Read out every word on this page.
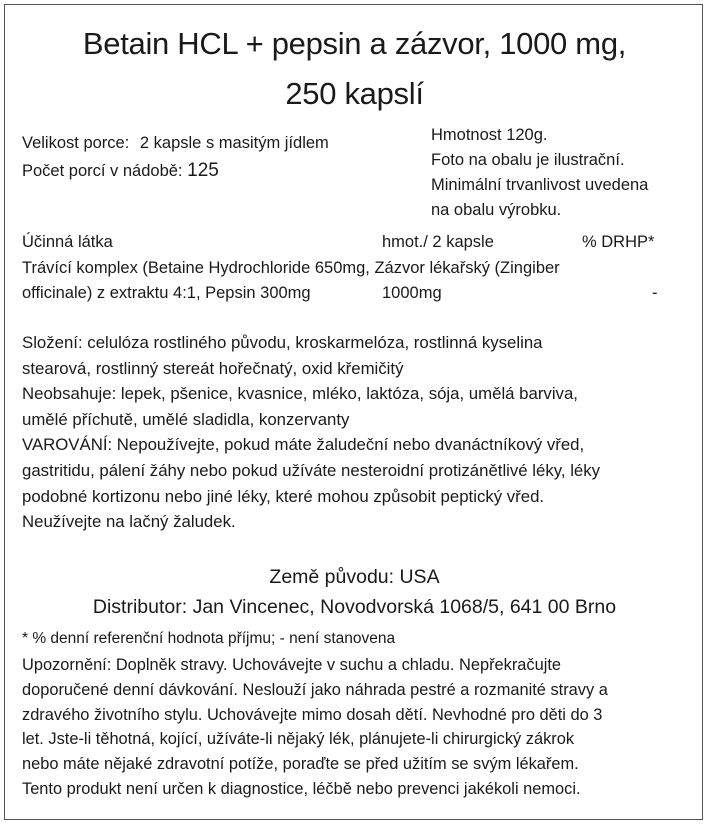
Betain HCL + pepsin a zázvor, 1000 mg,
250 kapslí
Velikost porce: 2 kapsle s masitým jídlem
Počet porcí v nádobě: 125
Hmotnost 120g.
Foto na obalu je ilustrační.
Minimální trvanlivost uvedena
na obalu výrobku.
Účinná látka	hmot./ 2 kapsle	% DRHP*
Trávící komplex (Betaine Hydrochloride 650mg, Zázvor lékařský (Zingiber
officinale) z extraktu 4:1, Pepsin 300mg	1000mg	-
Složení: celulóza rostliného původu, kroskarmelóza, rostlinná kyselina
stearová, rostlinný stereát hořečnatý, oxid křemičitý
Neobsahuje: lepek, pšenice, kvasnice, mléko, laktóza, sója, umělá barviva,
umělé příchutě, umělé sladidla, konzervanty
VAROVÁNÍ: Nepoužívejte, pokud máte žaludeční nebo dvanáctníkový vřed,
gastritidu, pálení žáhy nebo pokud užíváte nesteroidní protizánětlivé léky, léky
podobné kortizonu nebo jiné léky, které mohou způsobit peptický vřed.
Neužívejte na lačný žaludek.
Země původu: USA
Distributor: Jan Vincenec, Novodvorská 1068/5, 641 00 Brno
* % denní referenční hodnota příjmu; - není stanovena
Upozornění: Doplněk stravy. Uchovávejte v suchu a chladu. Nepřekračujte
doporučené denní dávkování. Neslouží jako náhrada pestré a rozmanité stravy a
zdravého životního stylu. Uchovávejte mimo dosah dětí. Nevhodné pro děti do 3
let. Jste-li těhotná, kojící, užíváte-li nějaký lék, plánujete-li chirurgický zákrok
nebo máte nějaké zdravotní potíže, poraďte se před užitím se svým lékařem.
Tento produkt není určen k diagnostice, léčbě nebo prevenci jakékoli nemoci.
